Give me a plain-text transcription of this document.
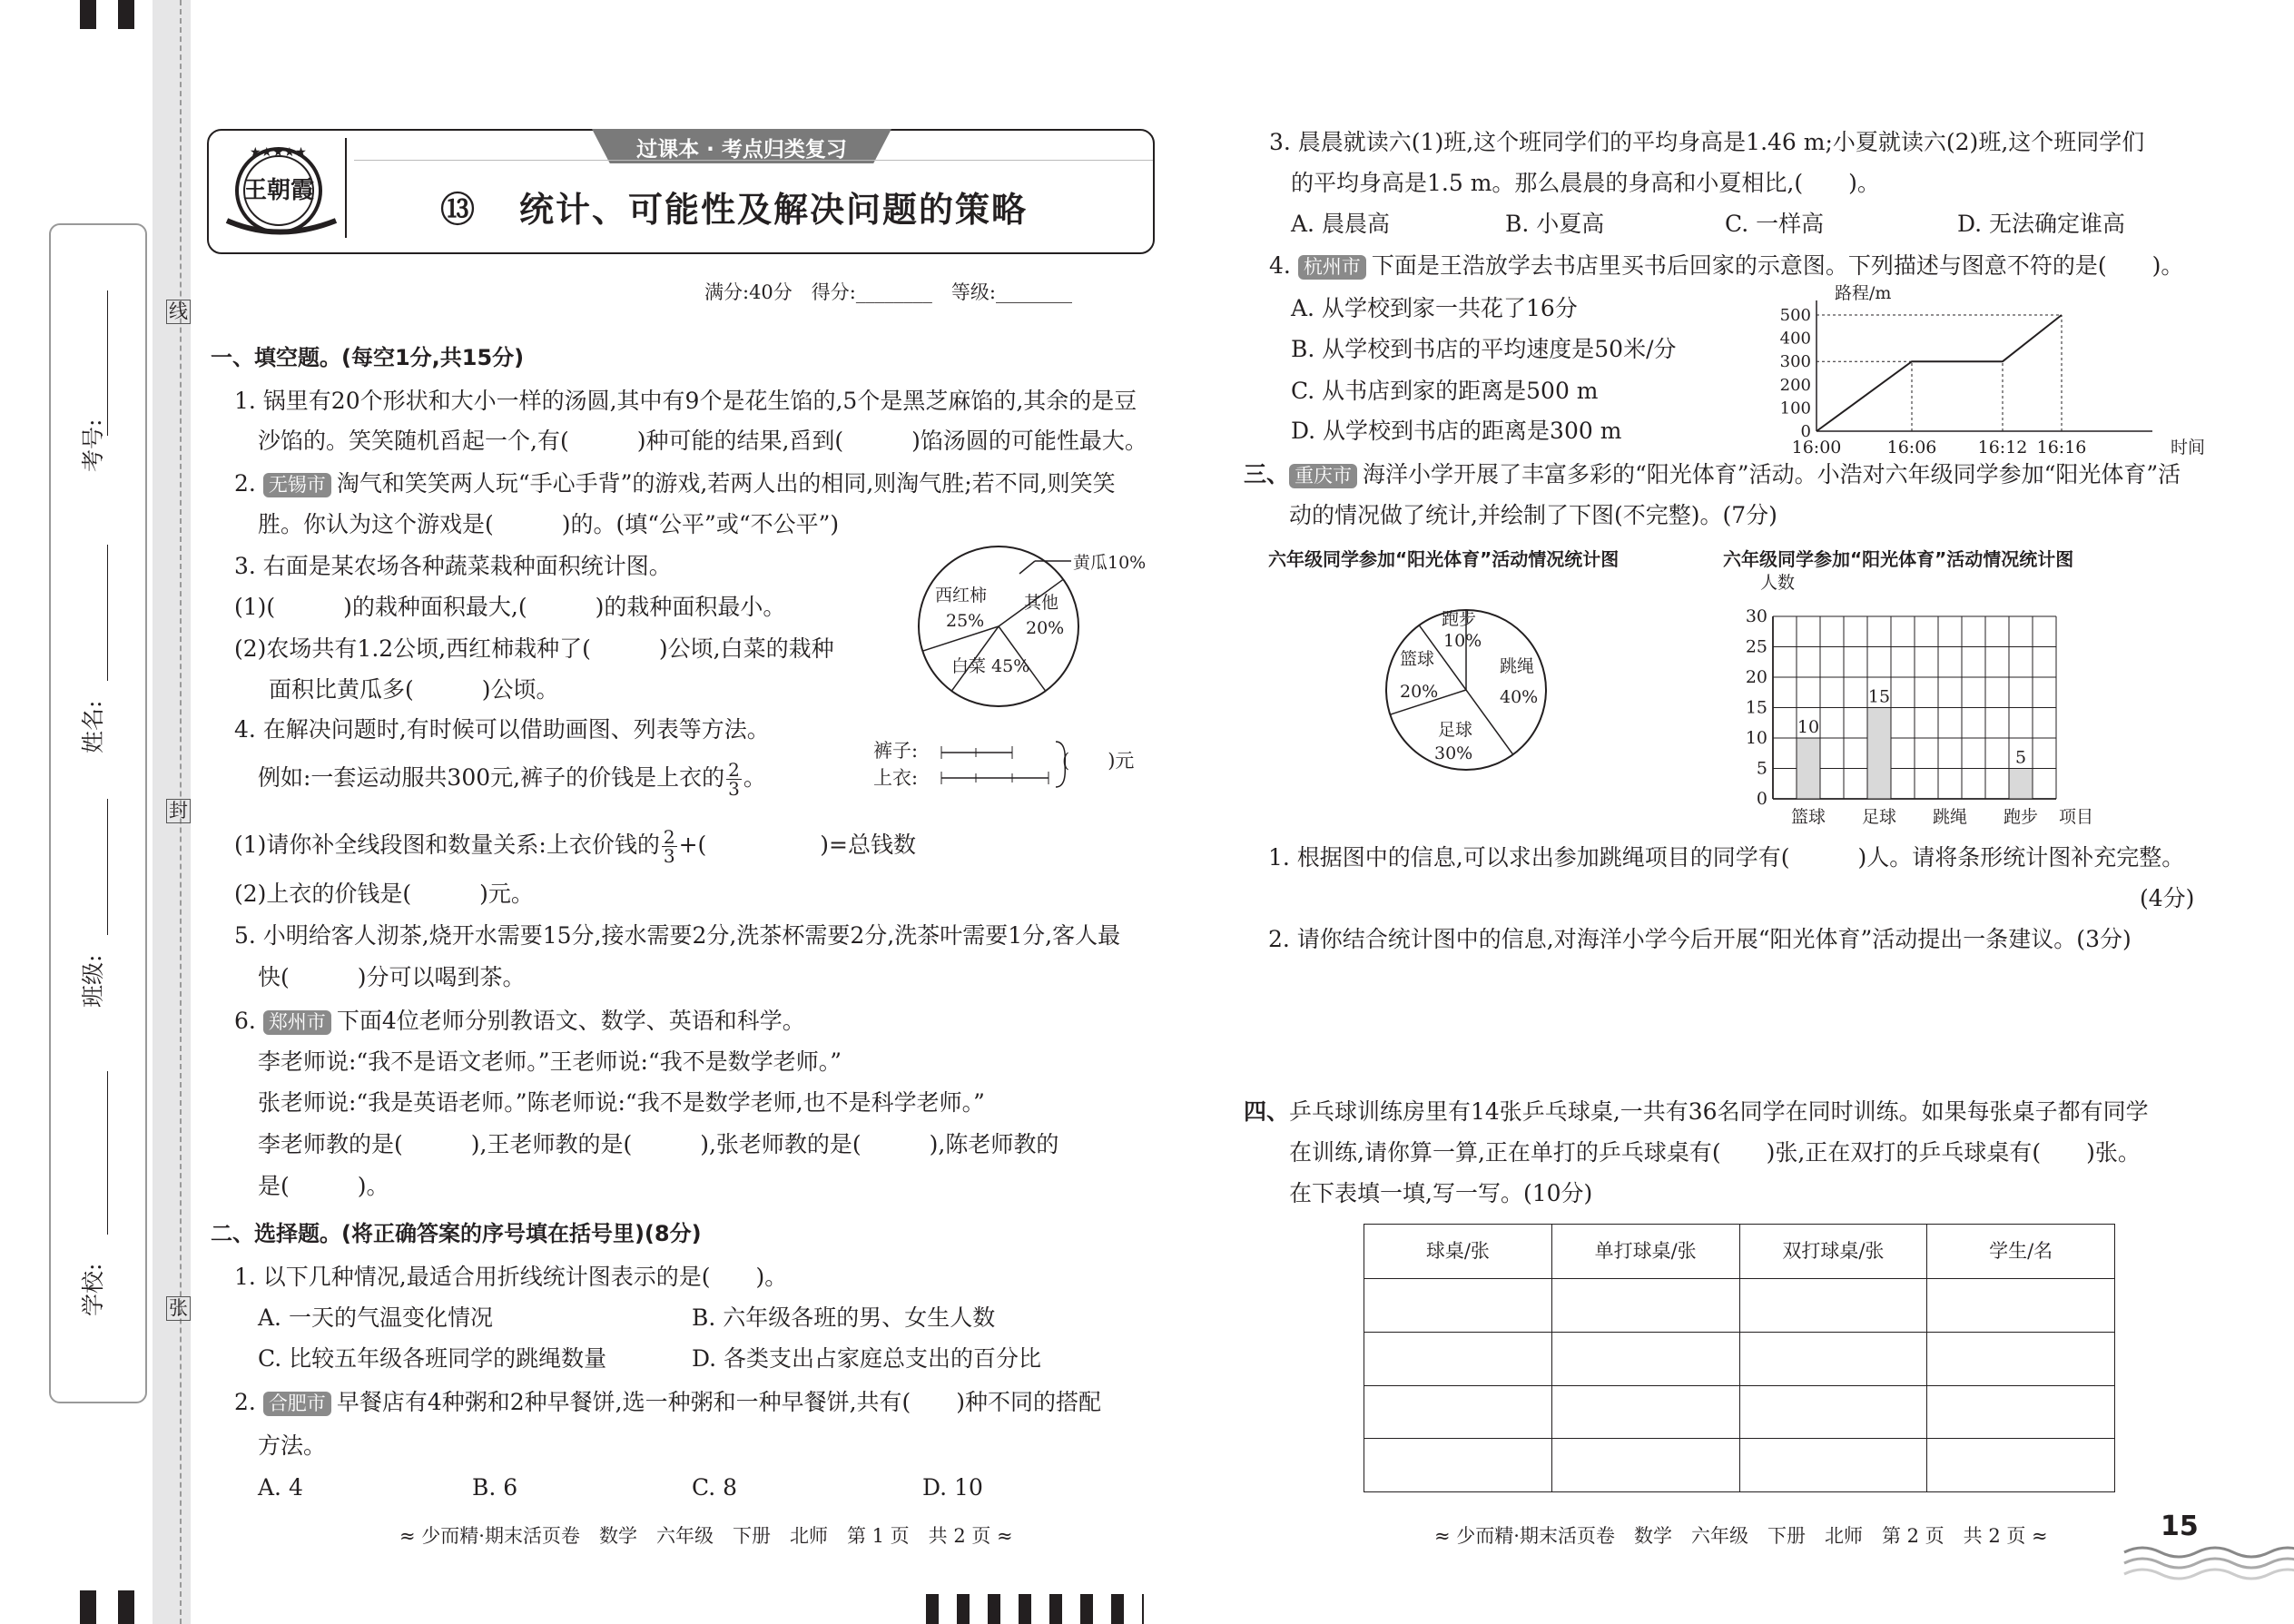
线
封
张
考号:
姓名:
班级:
学校:
★★★★★
王朝霞
过课本 · 考点归类复习
⑬ 统计、可能性及解决问题的策略
满分:40分　得分:________　等级:________
一、填空题。(每空1分,共15分)
1. 锅里有20个形状和大小一样的汤圆,其中有9个是花生馅的,5个是黑芝麻馅的,其余的是豆
沙馅的。笑笑随机舀起一个,有(　　　)种可能的结果,舀到(　　　)馅汤圆的可能性最大。
2. 无锡市 淘气和笑笑两人玩“手心手背”的游戏,若两人出的相同,则淘气胜;若不同,则笑笑
胜。你认为这个游戏是(　　　)的。(填“公平”或“不公平”)
3. 右面是某农场各种蔬菜栽种面积统计图。
(1)(　　　)的栽种面积最大,(　　　)的栽种面积最小。
(2)农场共有1.2公顷,西红柿栽种了(　　　)公顷,白菜的栽种
面积比黄瓜多(　　　)公顷。
黄瓜10%
西红柿
25%
其他
20%
白菜 45%
4. 在解决问题时,有时候可以借助画图、列表等方法。
例如:一套运动服共300元,裤子的价钱是上衣的 $\frac{2}{3}$ 。
裤子:
上衣:
(　　)元
(1)请你补全线段图和数量关系:上衣价钱的 $\frac{2}{3}$ +(　　　　　)=总钱数
(2)上衣的价钱是(　　　)元。
5. 小明给客人沏茶,烧开水需要15分,接水需要2分,洗茶杯需要2分,洗茶叶需要1分,客人最
快(　　　)分可以喝到茶。
6. 郑州市 下面4位老师分别教语文、数学、英语和科学。
李老师说:“我不是语文老师。”王老师说:“我不是数学老师。”
张老师说:“我是英语老师。”陈老师说:“我不是数学老师,也不是科学老师。”
李老师教的是(　　　),王老师教的是(　　　),张老师教的是(　　　),陈老师教的
是(　　　)。
二、选择题。(将正确答案的序号填在括号里)(8分)
1. 以下几种情况,最适合用折线统计图表示的是(　　)。
A. 一天的气温变化情况	B. 六年级各班的男、女生人数
C. 比较五年级各班同学的跳绳数量	D. 各类支出占家庭总支出的百分比
2. 合肥市 早餐店有4种粥和2种早餐饼,选一种粥和一种早餐饼,共有(　　)种不同的搭配
方法。
A. 4	B. 6	C. 8	D. 10
≈ 少而精·期末活页卷　数学　六年级　下册　北师　第 1 页　共 2 页 ≈
3. 晨晨就读六(1)班,这个班同学们的平均身高是1.46 m;小夏就读六(2)班,这个班同学们
的平均身高是1.5 m。那么晨晨的身高和小夏相比,(　　)。
A. 晨晨高	B. 小夏高	C. 一样高	D. 无法确定谁高
4. 杭州市 下面是王浩放学去书店里买书后回家的示意图。下列描述与图意不符的是(　　)。
A. 从学校到家一共花了16分
B. 从学校到书店的平均速度是50米/分
C. 从书店到家的距离是500 m
D. 从学校到书店的距离是300 m
路程/m
时间
0
100
200
300
400
500
16:00	16:06 16:12 16:16
三、 重庆市 海洋小学开展了丰富多彩的“阳光体育”活动。小浩对六年级同学参加“阳光体育”活
动的情况做了统计,并绘制了下图(不完整)。(7分)
六年级同学参加“阳光体育”活动情况统计图	六年级同学参加“阳光体育”活动情况统计图
跑步
10%
篮球
20%
跳绳
40%
足球
30%
人数
0
5
10
15
20
25
30
篮球
10
足球
15
跳绳 跑步
5
项目
1. 根据图中的信息,可以求出参加跳绳项目的同学有(　　　)人。请将条形统计图补充完整。
(4分)
2. 请你结合统计图中的信息,对海洋小学今后开展“阳光体育”活动提出一条建议。(3分)
四、 乒乓球训练房里有14张乒乓球桌,一共有36名同学在同时训练。如果每张桌子都有同学
在训练,请你算一算,正在单打的乒乓球桌有(　　)张,正在双打的乒乓球桌有(　　)张。
在下表填一填,写一写。(10分)
球桌/张	单打球桌/张	双打球桌/张	学生/名

≈ 少而精·期末活页卷　数学　六年级　下册　北师　第 2 页　共 2 页 ≈	15
